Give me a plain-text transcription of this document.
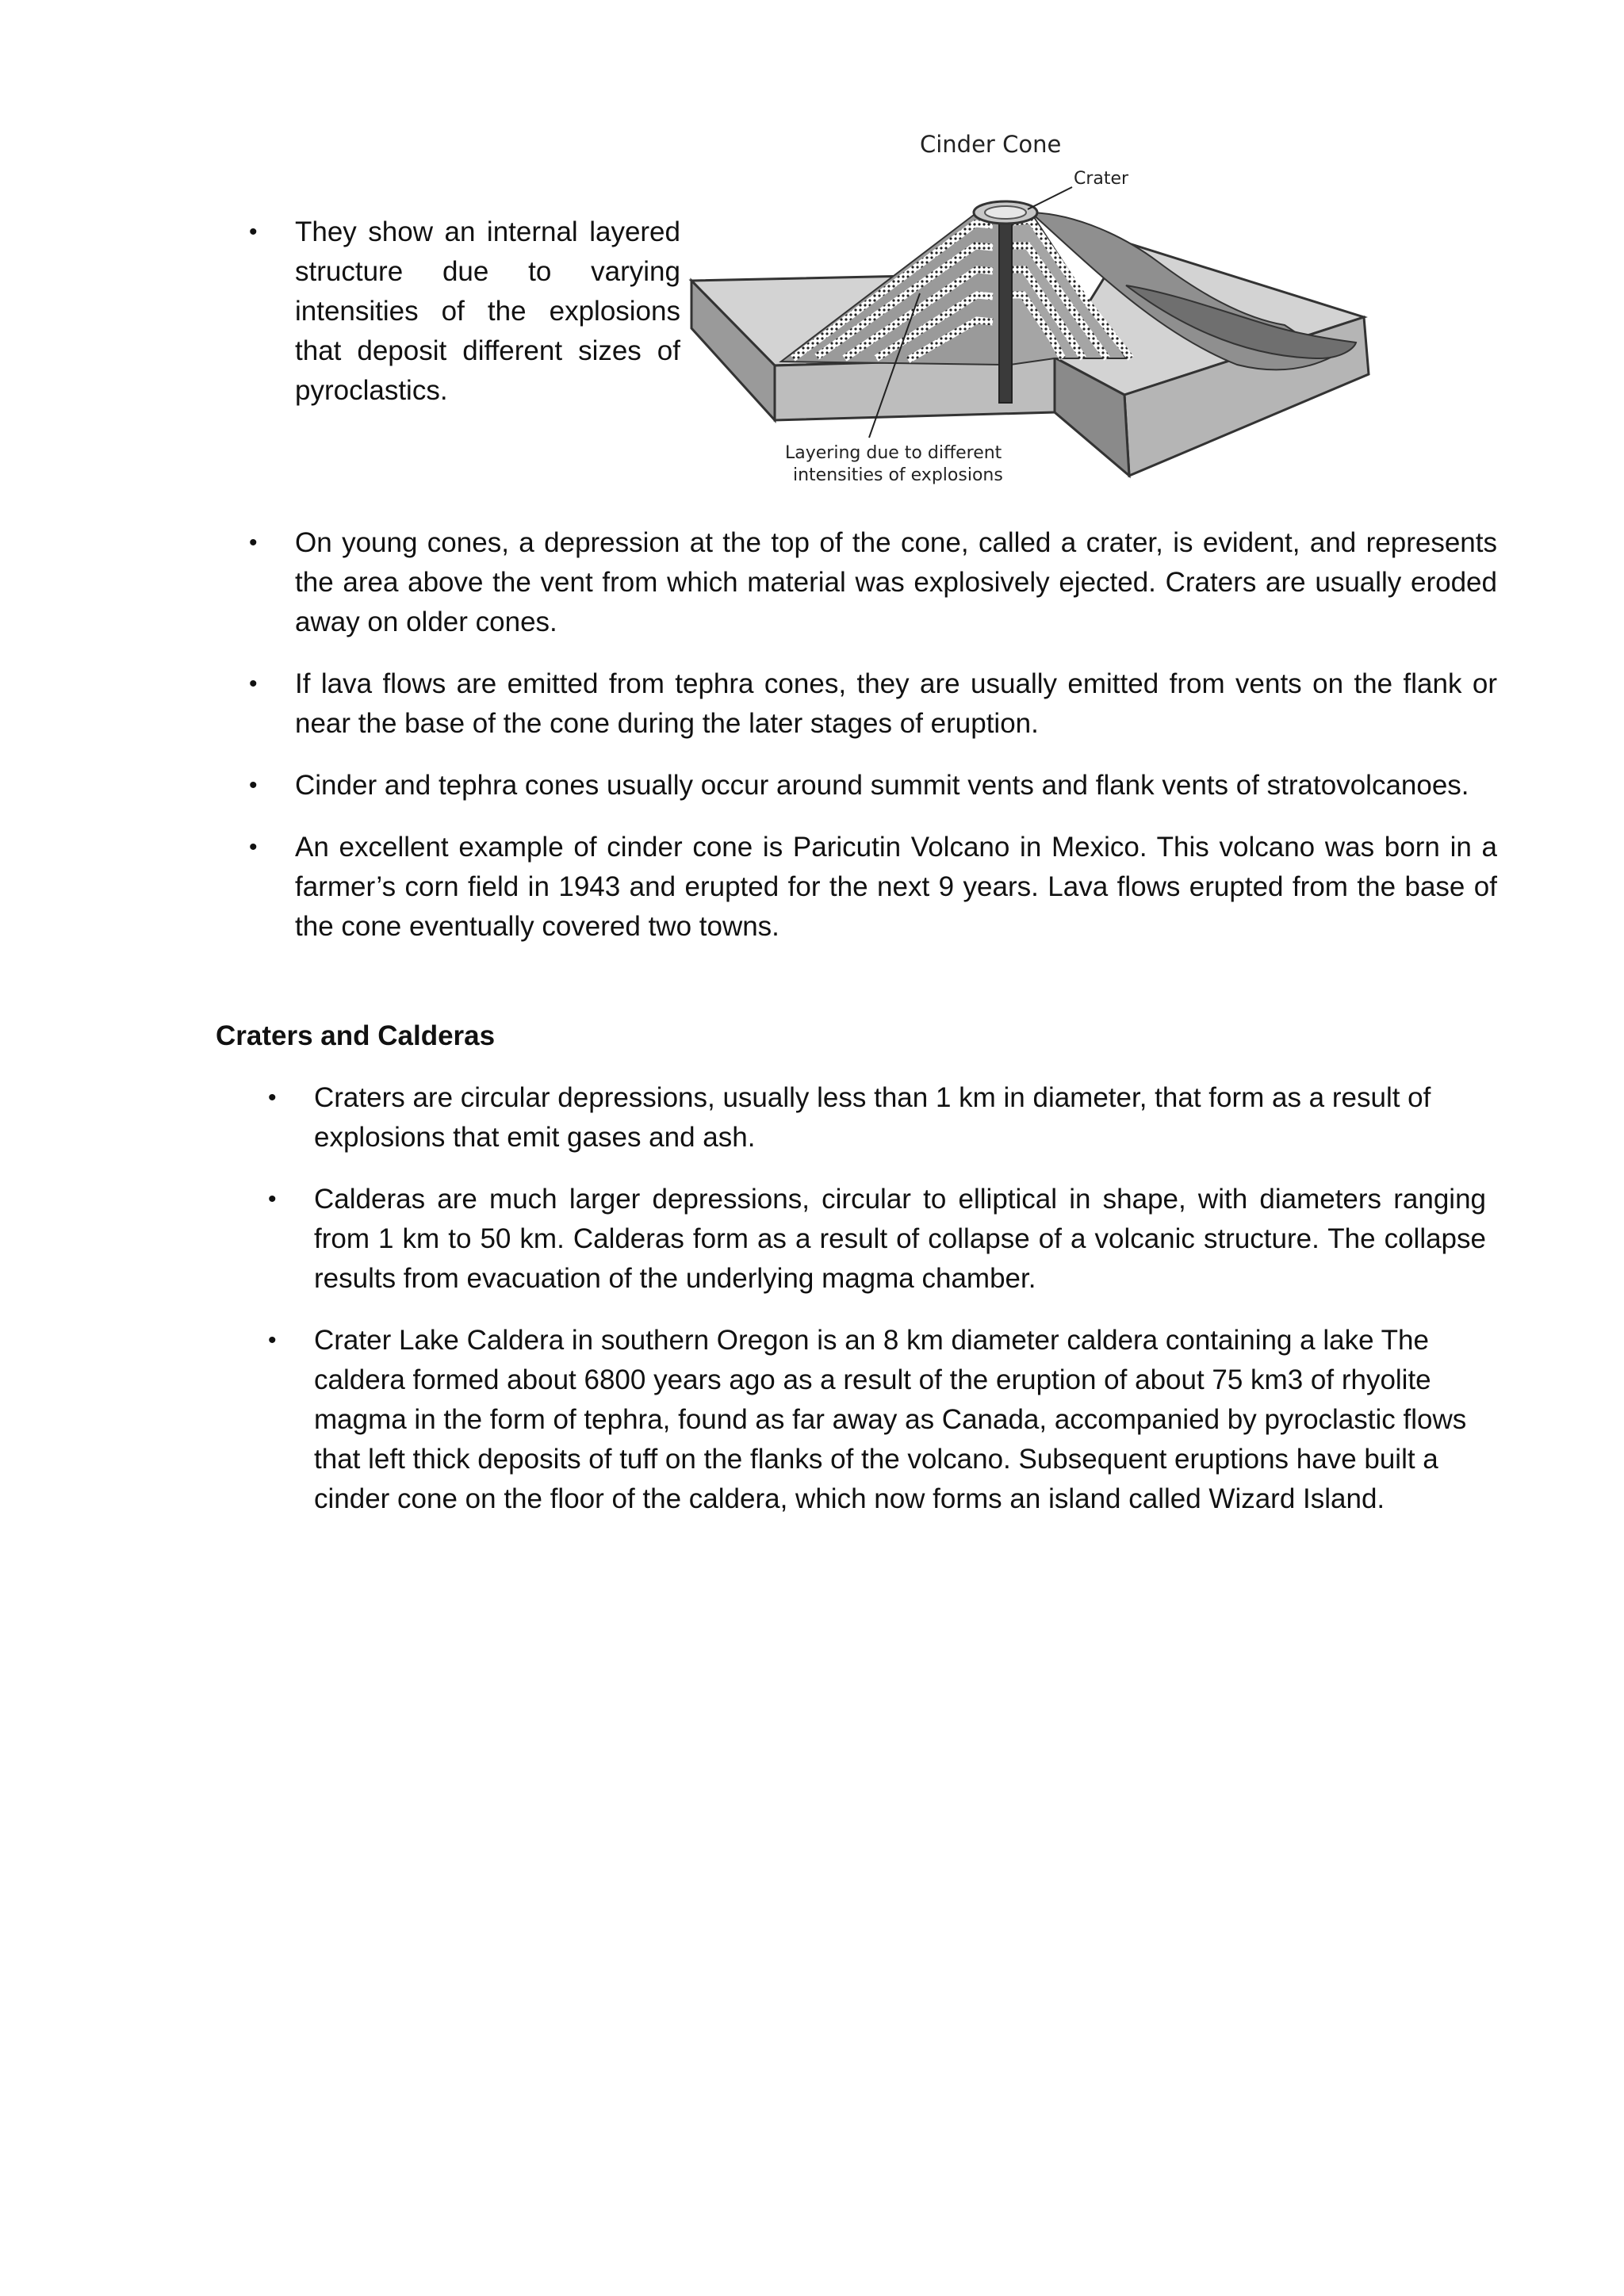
• They show an internal layered structure due to varying intensities of the explosions that deposit different sizes of pyroclastics.
Cinder Cone
Crater
Layering due to different
intensities of explosions
• On young cones, a depression at the top of the cone, called a crater, is evident, and represents the area above the vent from which material was explosively ejected. Craters are usually eroded away on older cones.
• If lava flows are emitted from tephra cones, they are usually emitted from vents on the flank or near the base of the cone during the later stages of eruption.
• Cinder and tephra cones usually occur around summit vents and flank vents of stratovolcanoes.
• An excellent example of cinder cone is Paricutin Volcano in Mexico. This volcano was born in a farmer’s corn field in 1943 and erupted for the next 9 years. Lava flows erupted from the base of the cone eventually covered two towns.
Craters and Calderas
• Craters are circular depressions, usually less than 1 km in diameter, that form as a result of explosions that emit gases and ash.
• Calderas are much larger depressions, circular to elliptical in shape, with diameters ranging from 1 km to 50 km. Calderas form as a result of collapse of a volcanic structure. The collapse results from evacuation of the underlying magma chamber.
• Crater Lake Caldera in southern Oregon is an 8 km diameter caldera containing a lake The caldera formed about 6800 years ago as a result of the eruption of about 75 km3 of rhyolite magma in the form of tephra, found as far away as Canada, accompanied by pyroclastic flows that left thick deposits of tuff on the flanks of the volcano. Subsequent eruptions have built a cinder cone on the floor of the caldera, which now forms an island called Wizard Island.
